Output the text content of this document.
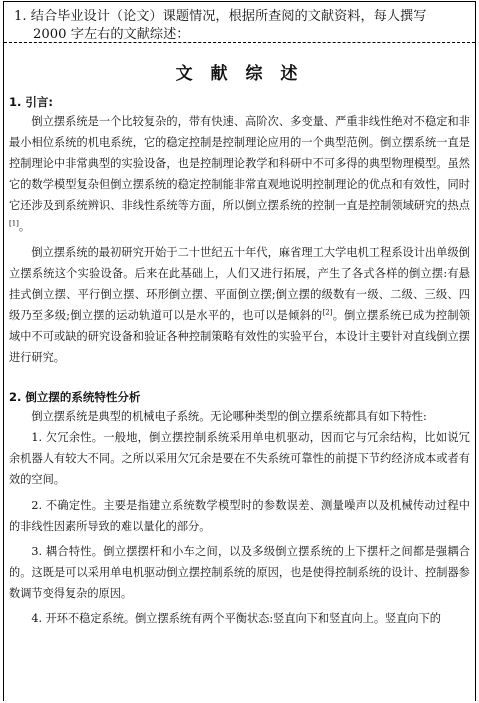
1. 结合毕业设计（论文）课题情况，根据所查阅的文献资料，每人撰写
2000 字左右的文献综述：
文 献 综 述
1. 引言:

倒立摆系统是一个比较复杂的，带有快速、高阶次、多变量、严重非线性绝对不稳定和非最小相位系统的机电系统，它的稳定控制是控制理论应用的一个典型范例。倒立摆系统一直是控制理论中非常典型的实验设备，也是控制理论教学和科研中不可多得的典型物理模型。虽然它的数学模型复杂但倒立摆系统的稳定控制能非常直观地说明控制理论的优点和有效性，同时它还涉及到系统辨识、非线性系统等方面，所以倒立摆系统的控制一直是控制领域研究的热点[1]。

倒立摆系统的最初研究开始于二十世纪五十年代，麻省理工大学电机工程系设计出单级倒立摆系统这个实验设备。后来在此基础上，人们又进行拓展，产生了各式各样的倒立摆:有悬挂式倒立摆、平行倒立摆、环形倒立摆、平面倒立摆;倒立摆的级数有一级、二级、三级、四级乃至多级;倒立摆的运动轨道可以是水平的，也可以是倾斜的[2]。倒立摆系统已成为控制领域中不可或缺的研究设备和验证各种控制策略有效性的实验平台，本设计主要针对直线倒立摆进行研究。

2. 倒立摆的系统特性分析

倒立摆系统是典型的机械电子系统。无论哪种类型的倒立摆系统都具有如下特性:

1. 欠冗余性。一般地，倒立摆控制系统采用单电机驱动，因而它与冗余结构，比如说冗余机器人有较大不同。之所以采用欠冗余是要在不失系统可靠性的前提下节约经济成本或者有效的空间。

2. 不确定性。主要是指建立系统数学模型时的参数误差、测量噪声以及机械传动过程中的非线性因素所导致的难以量化的部分。

3. 耦合特性。倒立摆摆杆和小车之间，以及多级倒立摆系统的上下摆杆之间都是强耦合的。这既是可以采用单电机驱动倒立摆控制系统的原因，也是使得控制系统的设计、控制器参数调节变得复杂的原因。

4. 开环不稳定系统。倒立摆系统有两个平衡状态:竖直向下和竖直向上。竖直向下的
